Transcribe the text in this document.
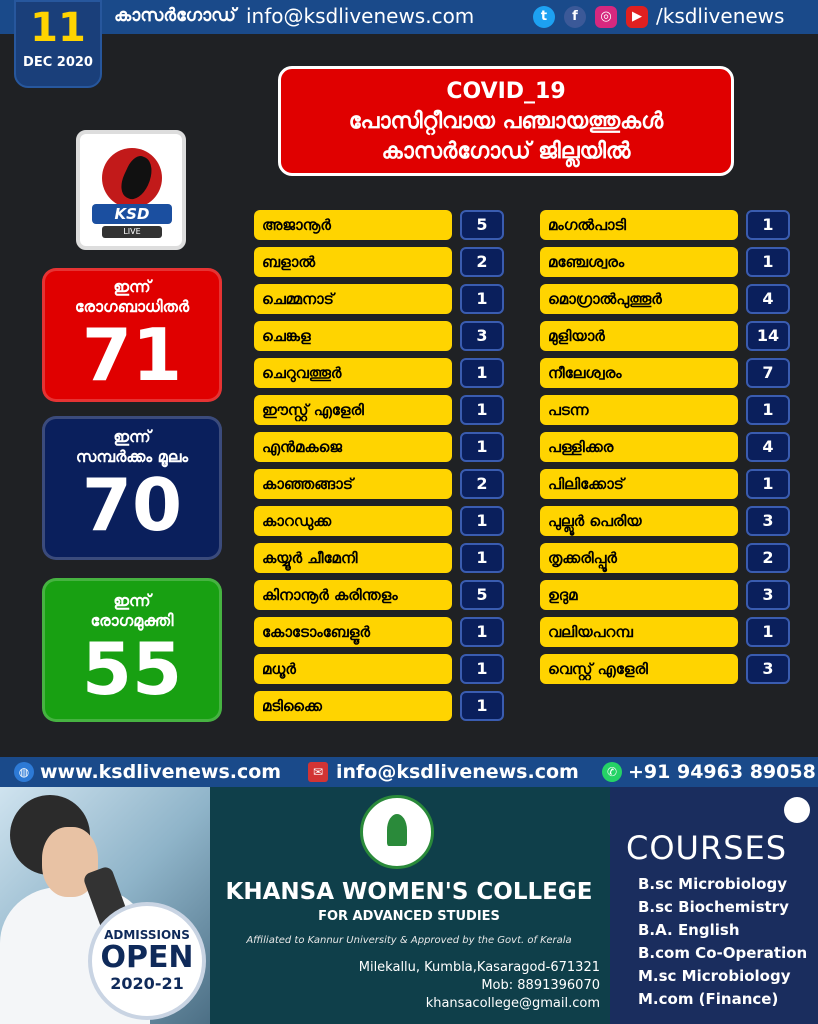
കാസർഗോഡ് info@ksdlivenews.com	t	f	◎	▶ /ksdlivenews
11
DEC 2020
COVID_19
പോസിറ്റീവായ പഞ്ചായത്തുകൾ
കാസർഗോഡ് ജില്ലയിൽ
KSD
LIVE
ഇന്ന്
രോഗബാധിതർ
71
ഇന്ന്
സമ്പർക്കം മൂലം
70
ഇന്ന്
രോഗമുക്തി
55
അജാനൂർ	5
ബളാൽ	2
ചെമ്മനാട്	1
ചെങ്കള	3
ചെറുവത്തൂർ	1
ഈസ്റ്റ് എളേരി	1
എൻമകജെ	1
കാഞ്ഞങ്ങാട്	2
കാറഡുക്ക	1
കയ്യൂർ ചീമേനി	1
കിനാനൂർ കരിന്തളം	5
കോടോംബേളൂർ	1
മധൂർ	1
മടിക്കൈ	1
മംഗൽപാടി	1
മഞ്ചേശ്വരം	1
മൊഗ്രാൽപുത്തൂർ	4
മുളിയാർ	14
നീലേശ്വരം	7
പടന്ന	1
പള്ളിക്കര	4
പിലിക്കോട്	1
പുല്ലൂർ പെരിയ	3
തൃക്കരിപ്പൂർ	2
ഉദുമ	3
വലിയപറമ്പ	1
വെസ്റ്റ് എളേരി	3
◍ www.ksdlivenews.com	✉ info@ksdlivenews.com	✆ +91 94963 89058
KHANSA WOMEN'S COLLEGE
FOR ADVANCED STUDIES
Affiliated to Kannur University & Approved by the Govt. of Kerala
Milekallu, Kumbla,Kasaragod-671321
Mob: 8891396070
khansacollege@gmail.com
COURSES
B.sc Microbiology
B.sc Biochemistry
B.A. English
B.com Co-Operation
M.sc Microbiology
M.com (Finance)
ADMISSIONS
OPEN
2020-21
